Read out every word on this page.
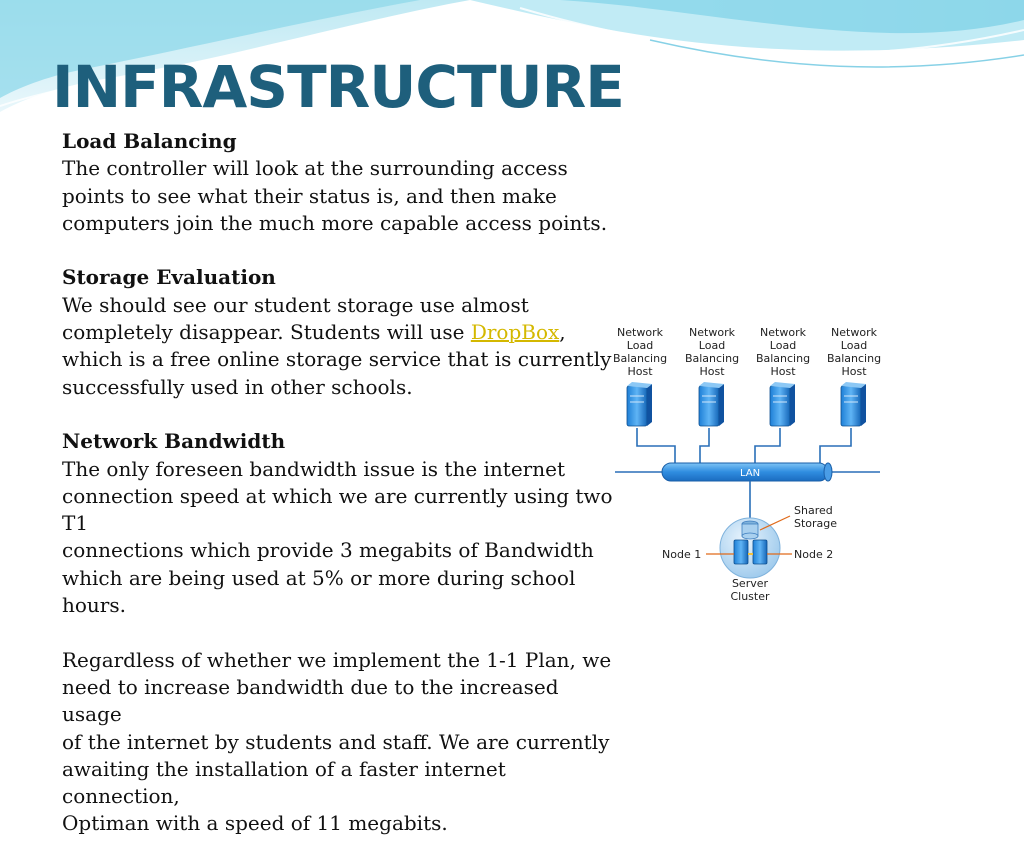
INFRASTRUCTURE

Load Balancing

The controller will look at the surrounding access

points to see what their status is, and then make

computers join the much more capable access points.

Storage Evaluation

We should see our student storage use almost

completely disappear. Students will use DropBox,

which is a free online storage service that is currently

successfully used in other schools.

Network Bandwidth

The only foreseen bandwidth issue is the internet

connection speed at which we are currently using two T1

connections which provide 3 megabits of Bandwidth

which are being used at 5% or more during school

hours.

Regardless of whether we implement the 1-1 Plan, we

need to increase bandwidth due to the increased usage

of the internet by students and staff. We are currently

awaiting the installation of a faster internet connection,

Optiman with a speed of 11 megabits.

Network
Load
Balancing
Host
Network
Load
Balancing
Host
Network
Load
Balancing
Host
Network
Load
Balancing
Host
LAN
Shared
Storage
Node 1	Node 2
Server
Cluster
